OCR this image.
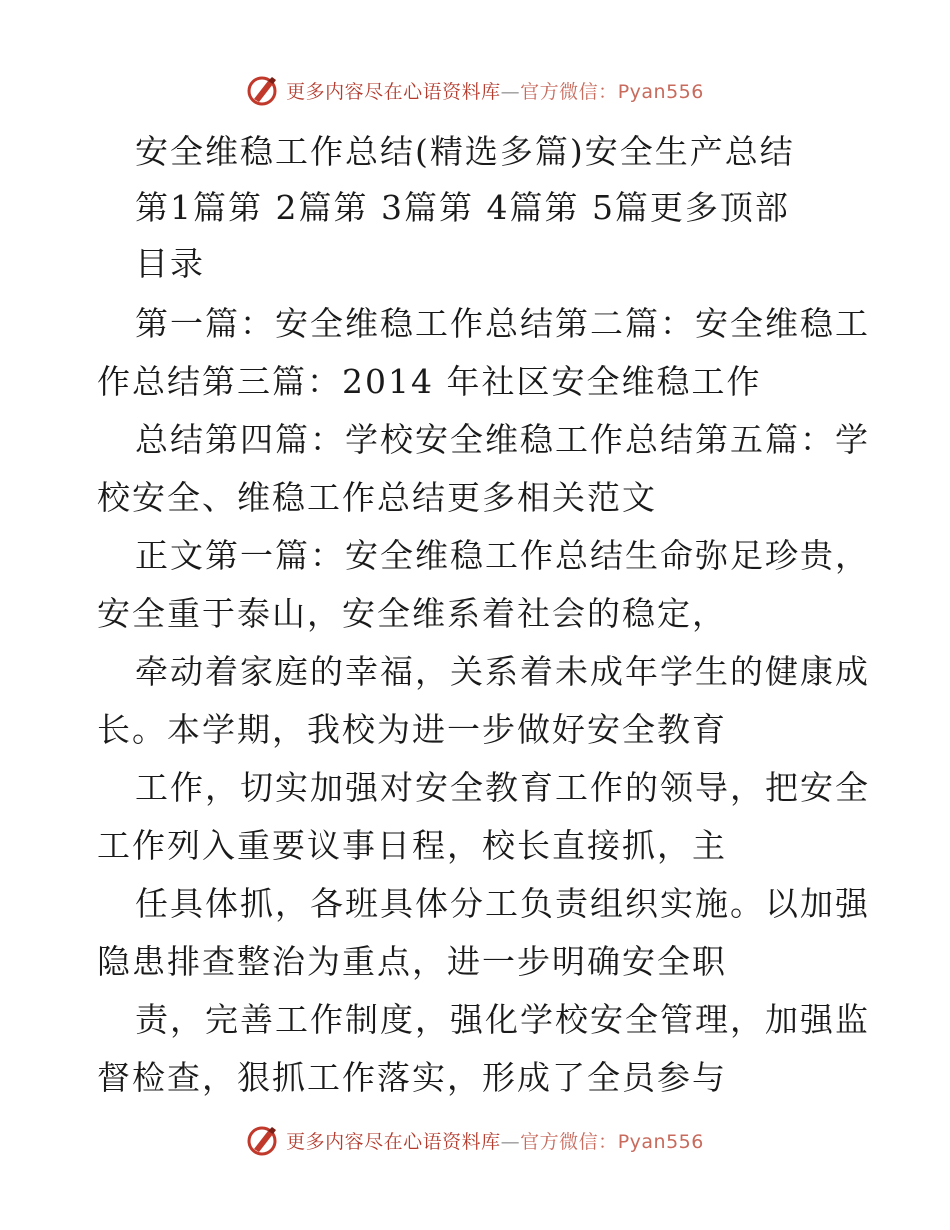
更多内容尽在心语资料库—官方微信：Pyan556
安全维稳工作总结(精选多篇)安全生产总结
第1篇第 2篇第 3篇第 4篇第 5篇更多顶部
目录
第一篇：安全维稳工作总结第二篇：安全维稳工
作总结第三篇：2014 年社区安全维稳工作
总结第四篇：学校安全维稳工作总结第五篇：学
校安全、维稳工作总结更多相关范文
正文第一篇：安全维稳工作总结生命弥足珍贵，
安全重于泰山，安全维系着社会的稳定，
牵动着家庭的幸福，关系着未成年学生的健康成
长。本学期，我校为进一步做好安全教育
工作，切实加强对安全教育工作的领导，把安全
工作列入重要议事日程，校长直接抓，主
任具体抓，各班具体分工负责组织实施。以加强
隐患排查整治为重点，进一步明确安全职
责，完善工作制度，强化学校安全管理，加强监
督检查，狠抓工作落实，形成了全员参与
更多内容尽在心语资料库—官方微信：Pyan556
